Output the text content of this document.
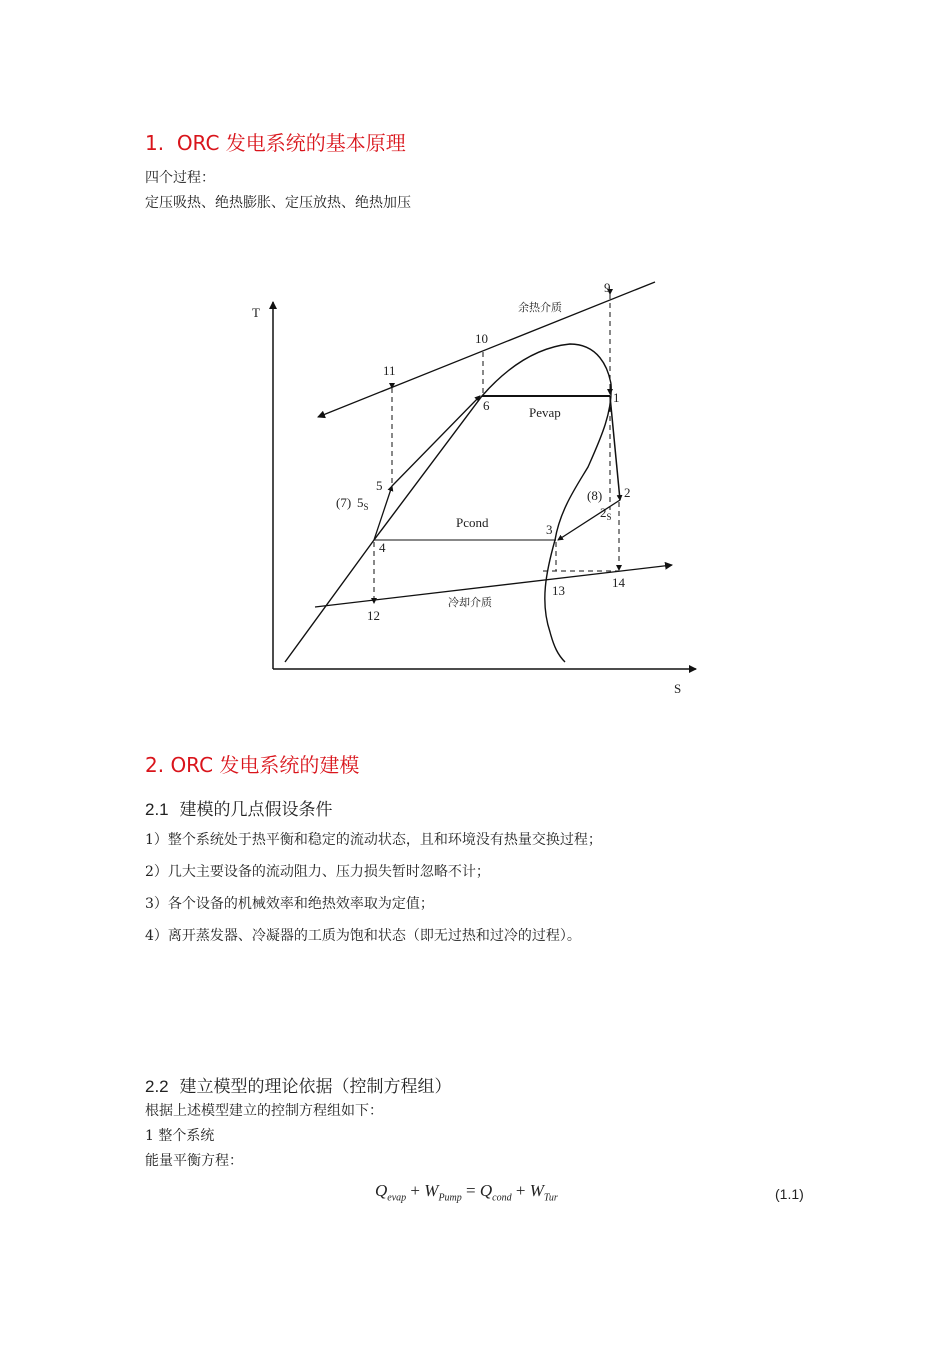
1. ORC 发电系统的基本原理
四个过程：
定压吸热、绝热膨胀、定压放热、绝热加压
T
S
余热介质
冷却介质
Pevap
Pcond
1
2
$2_S$
(8)
3
4
5
$5_S$
(7)
6
9
10
11
12
13
14
2. ORC 发电系统的建模
2.1 建模的几点假设条件
1）整个系统处于热平衡和稳定的流动状态，且和环境没有热量交换过程；
2）几大主要设备的流动阻力、压力损失暂时忽略不计；
3）各个设备的机械效率和绝热效率取为定值；
4）离开蒸发器、冷凝器的工质为饱和状态（即无过热和过冷的过程）。
2.2 建立模型的理论依据（控制方程组）
根据上述模型建立的控制方程组如下：
1 整个系统
能量平衡方程：
$Q_{evap} + W_{Pump} = Q_{cond} + W_{Tur}$	(1.1)
